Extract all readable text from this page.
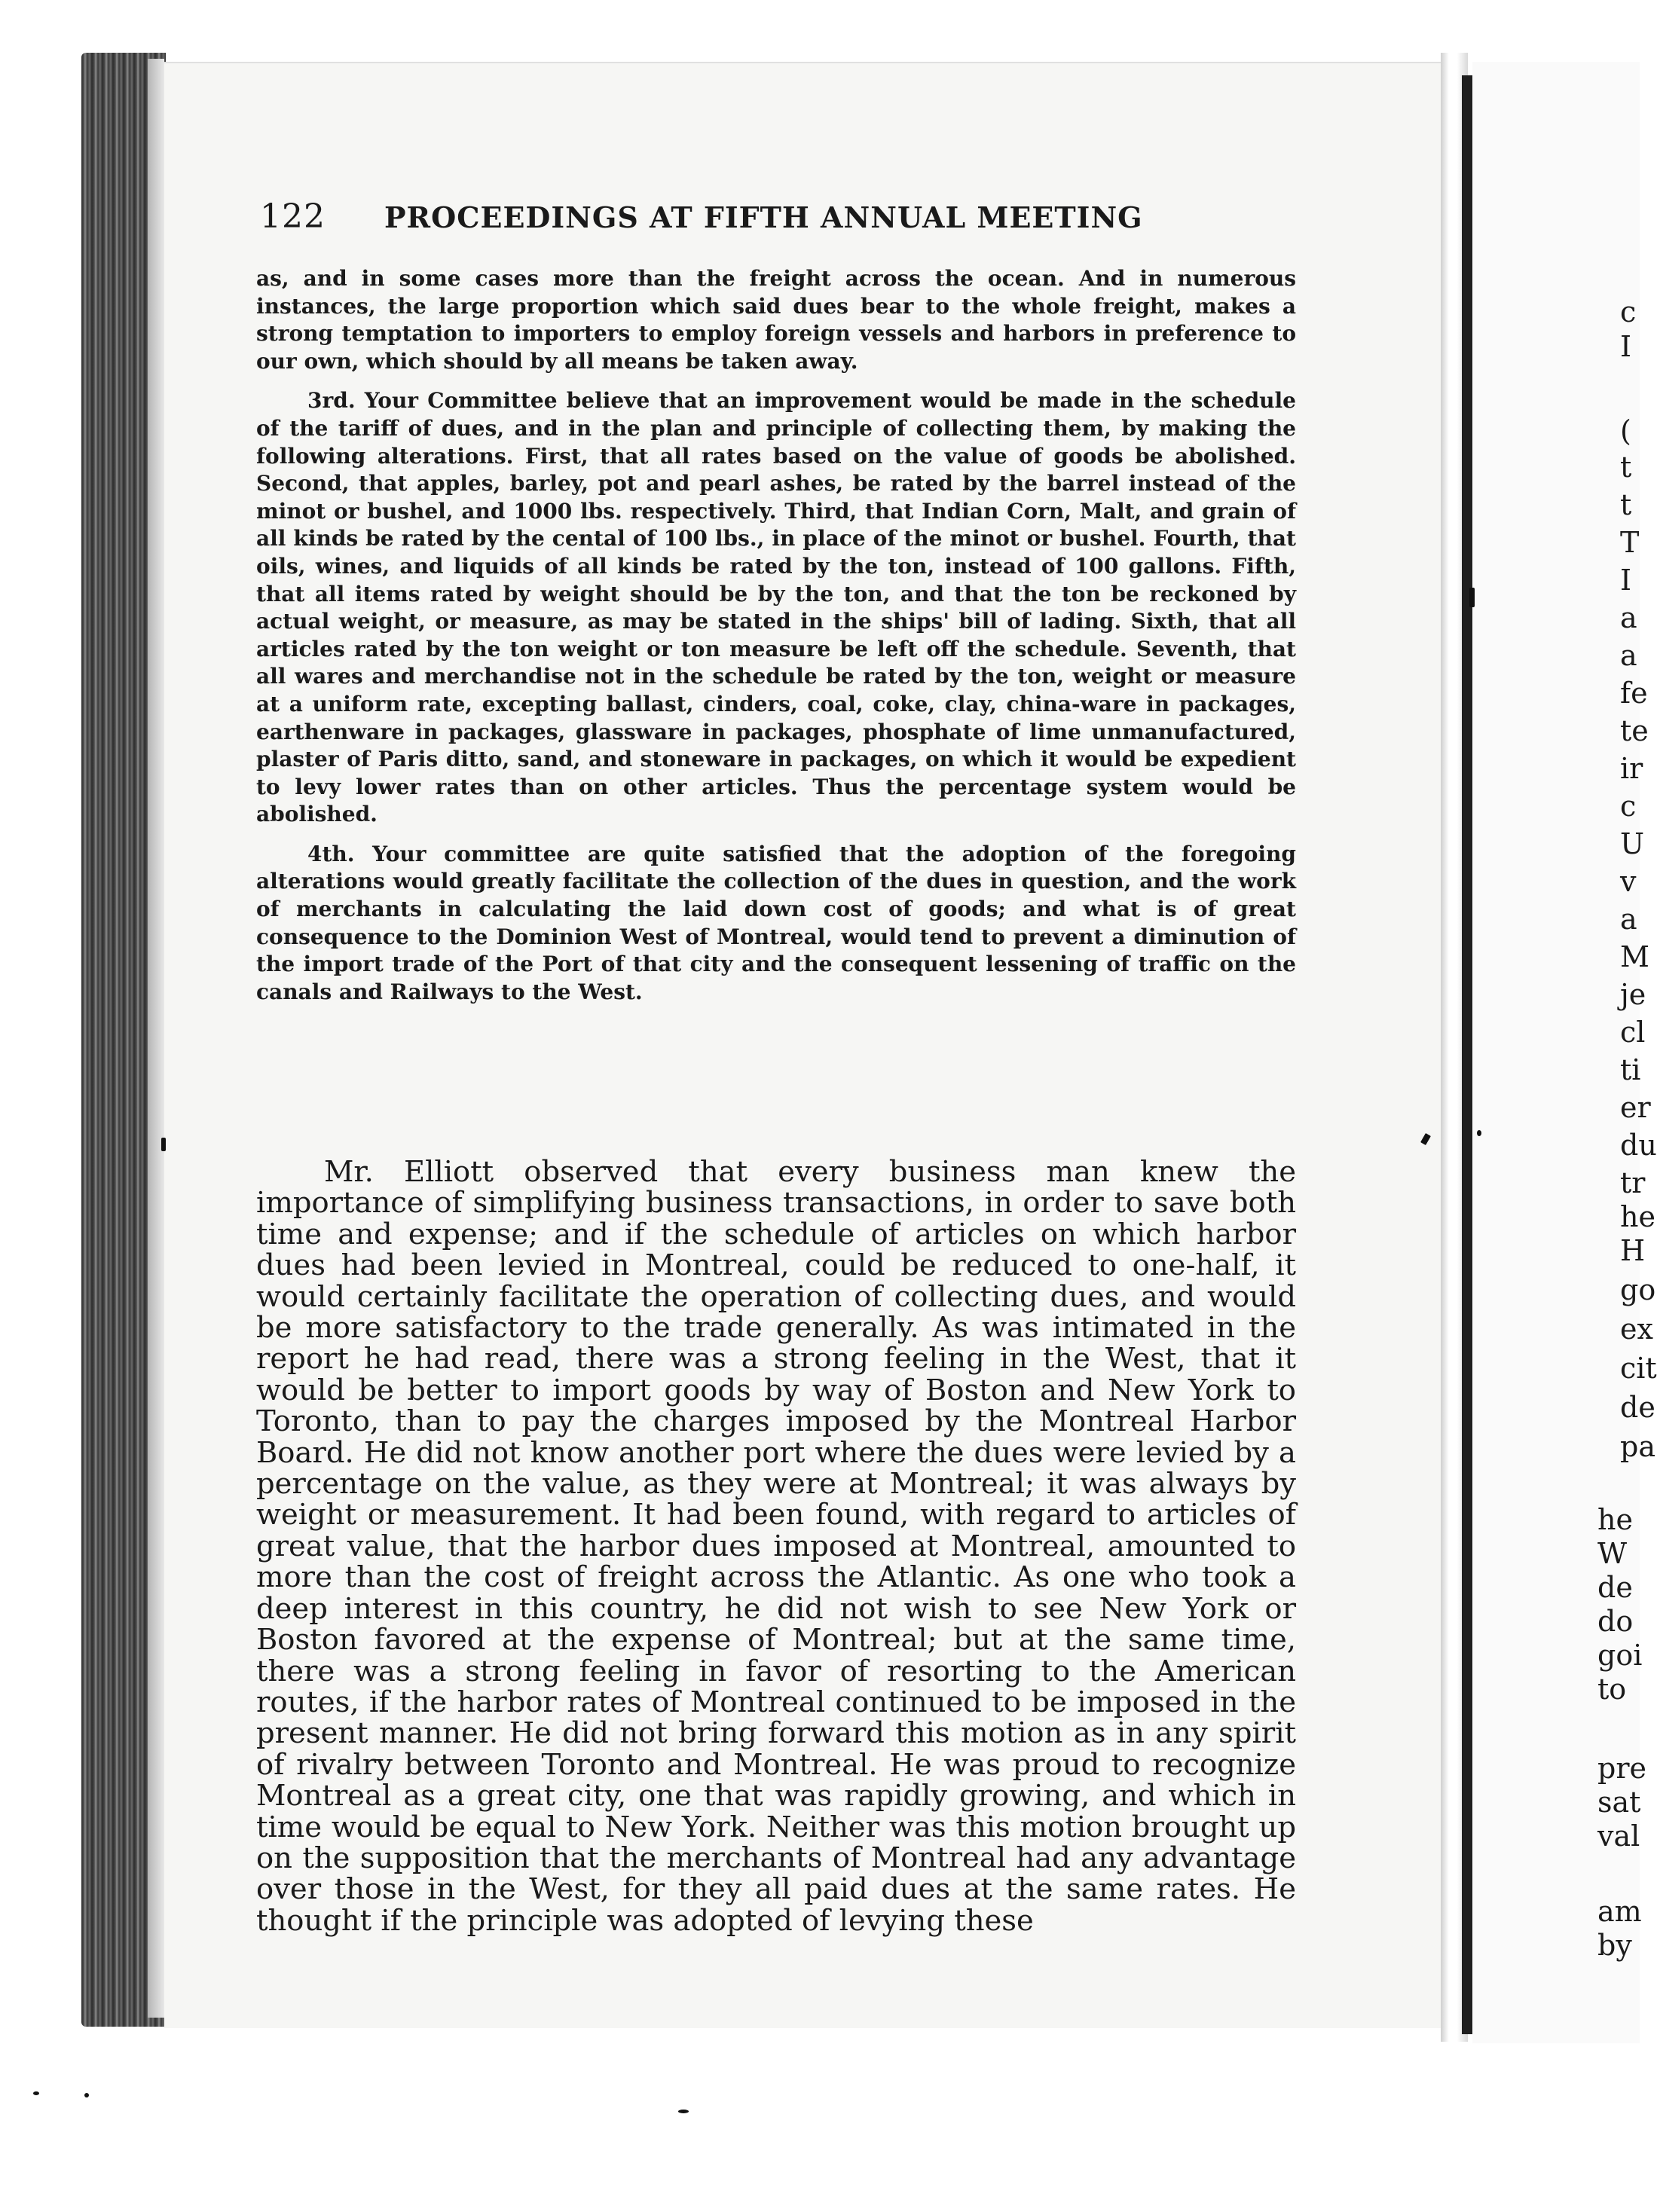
122 PROCEEDINGS AT FIFTH ANNUAL MEETING

as, and in some cases more than the freight across the ocean. And in numerous instances, the large proportion which said dues bear to the whole freight, makes a strong temptation to importers to employ foreign vessels and harbors in preference to our own, which should by all means be taken away.

3rd. Your Committee believe that an improvement would be made in the schedule of the tariff of dues, and in the plan and principle of collecting them, by making the following alterations. First, that all rates based on the value of goods be abolished. Second, that apples, barley, pot and pearl ashes, be rated by the barrel instead of the minot or bushel, and 1000 lbs. respectively. Third, that Indian Corn, Malt, and grain of all kinds be rated by the cental of 100 lbs., in place of the minot or bushel. Fourth, that oils, wines, and liquids of all kinds be rated by the ton, instead of 100 gallons. Fifth, that all items rated by weight should be by the ton, and that the ton be reckoned by actual weight, or measure, as may be stated in the ships' bill of lading. Sixth, that all articles rated by the ton weight or ton measure be left off the schedule. Seventh, that all wares and merchandise not in the schedule be rated by the ton, weight or measure at a uniform rate, excepting ballast, cinders, coal, coke, clay, china-ware in packages, earthenware in packages, glassware in packages, phosphate of lime unmanufactured, plaster of Paris ditto, sand, and stoneware in packages, on which it would be expedient to levy lower rates than on other articles. Thus the percentage system would be abolished.

4th. Your committee are quite satisfied that the adoption of the foregoing alterations would greatly facilitate the collection of the dues in question, and the work of merchants in calculating the laid down cost of goods; and what is of great consequence to the Dominion West of Montreal, would tend to prevent a diminution of the import trade of the Port of that city and the consequent lessening of traffic on the canals and Railways to the West.

Mr. Elliott observed that every business man knew the importance of simplifying business transactions, in order to save both time and expense; and if the schedule of articles on which harbor dues had been levied in Montreal, could be reduced to one-half, it would certainly facilitate the operation of collecting dues, and would be more satisfactory to the trade generally. As was intimated in the report he had read, there was a strong feeling in the West, that it would be better to import goods by way of Boston and New York to Toronto, than to pay the charges imposed by the Montreal Harbor Board. He did not know another port where the dues were levied by a percentage on the value, as they were at Montreal; it was always by weight or measurement. It had been found, with regard to articles of great value, that the harbor dues imposed at Montreal, amounted to more than the cost of freight across the Atlantic. As one who took a deep interest in this country, he did not wish to see New York or Boston favored at the expense of Montreal; but at the same time, there was a strong feeling in favor of resorting to the American routes, if the harbor rates of Montreal continued to be imposed in the present manner. He did not bring forward this motion as in any spirit of rivalry between Toronto and Montreal. He was proud to recognize Montreal as a great city, one that was rapidly growing, and which in time would be equal to New York. Neither was this motion brought up on the supposition that the merchants of Montreal had any advantage over those in the West, for they all paid dues at the same rates. He thought if the principle was adopted of levying these

c
I
(
t
t
T
I
a
a
fe
te
ir
c
U
v
a
M
je
cl
ti
er
du
tr
he
H
go
ex
cit
de
pa
he
W
de
do
goi
to
pre
sat
val
am
by
